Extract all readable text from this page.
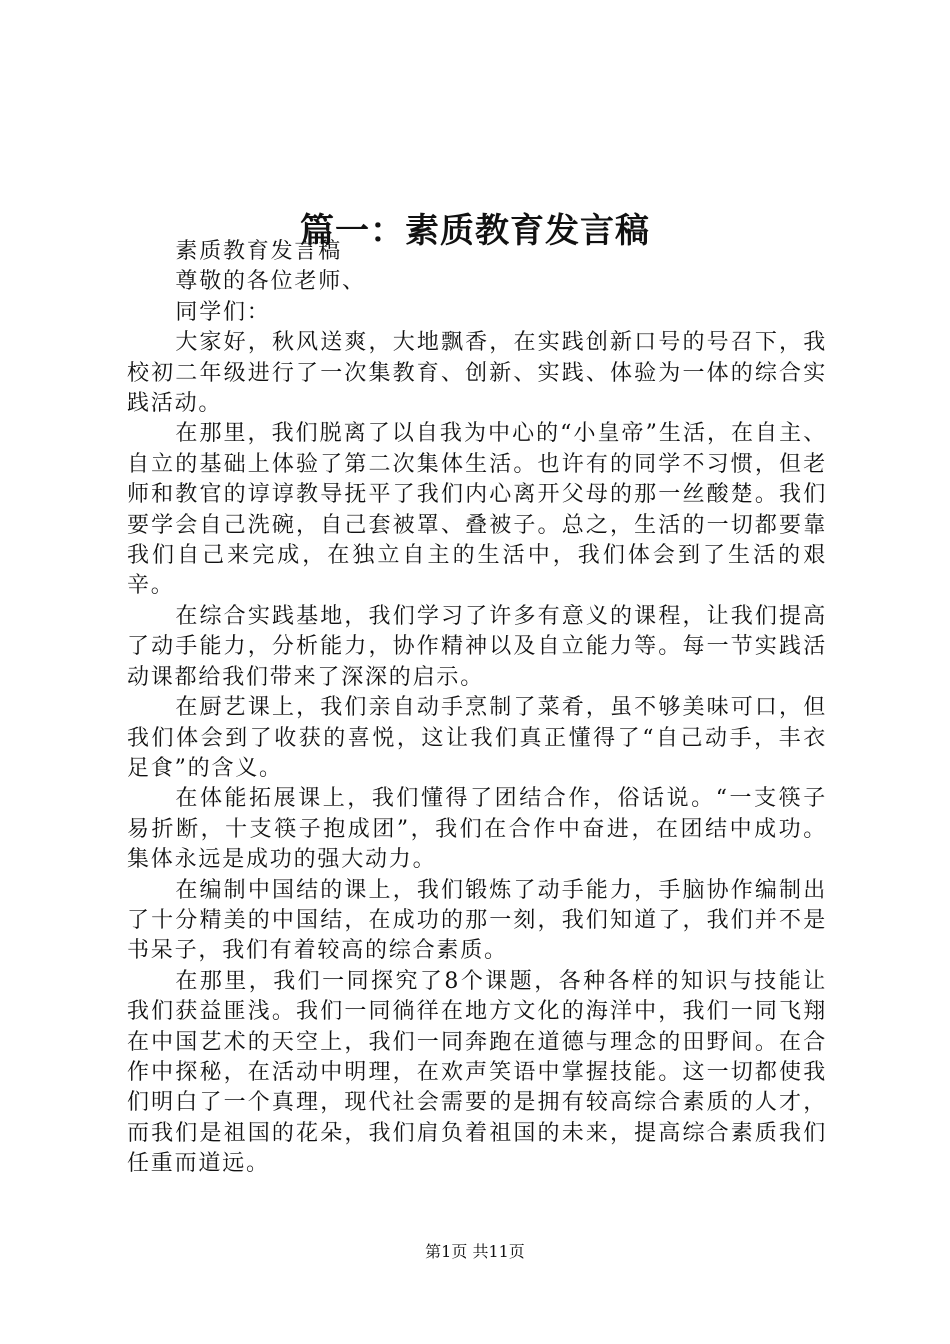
篇一：素质教育发言稿

素质教育发言稿

尊敬的各位老师、

同学们：

大家好，秋风送爽，大地飘香，在实践创新口号的号召下，我校初二年级进行了一次集教育、创新、实践、体验为一体的综合实践活动。

在那里，我们脱离了以自我为中心的“小皇帝”生活，在自主、自立的基础上体验了第二次集体生活。也许有的同学不习惯，但老师和教官的谆谆教导抚平了我们内心离开父母的那一丝酸楚。我们要学会自己洗碗，自己套被罩、叠被子。总之，生活的一切都要靠我们自己来完成，在独立自主的生活中，我们体会到了生活的艰辛。

在综合实践基地，我们学习了许多有意义的课程，让我们提高了动手能力，分析能力，协作精神以及自立能力等。每一节实践活动课都给我们带来了深深的启示。

在厨艺课上，我们亲自动手烹制了菜肴，虽不够美味可口，但我们体会到了收获的喜悦，这让我们真正懂得了“自己动手，丰衣足食”的含义。

在体能拓展课上，我们懂得了团结合作，俗话说。“一支筷子易折断，十支筷子抱成团”，我们在合作中奋进，在团结中成功。集体永远是成功的强大动力。

在编制中国结的课上，我们锻炼了动手能力，手脑协作编制出了十分精美的中国结，在成功的那一刻，我们知道了，我们并不是书呆子，我们有着较高的综合素质。

在那里，我们一同探究了8个课题，各种各样的知识与技能让我们获益匪浅。我们一同徜徉在地方文化的海洋中，我们一同飞翔在中国艺术的天空上，我们一同奔跑在道德与理念的田野间。在合作中探秘，在活动中明理，在欢声笑语中掌握技能。这一切都使我们明白了一个真理，现代社会需要的是拥有较高综合素质的人才，而我们是祖国的花朵，我们肩负着祖国的未来，提高综合素质我们任重而道远。

第1页 共11页
